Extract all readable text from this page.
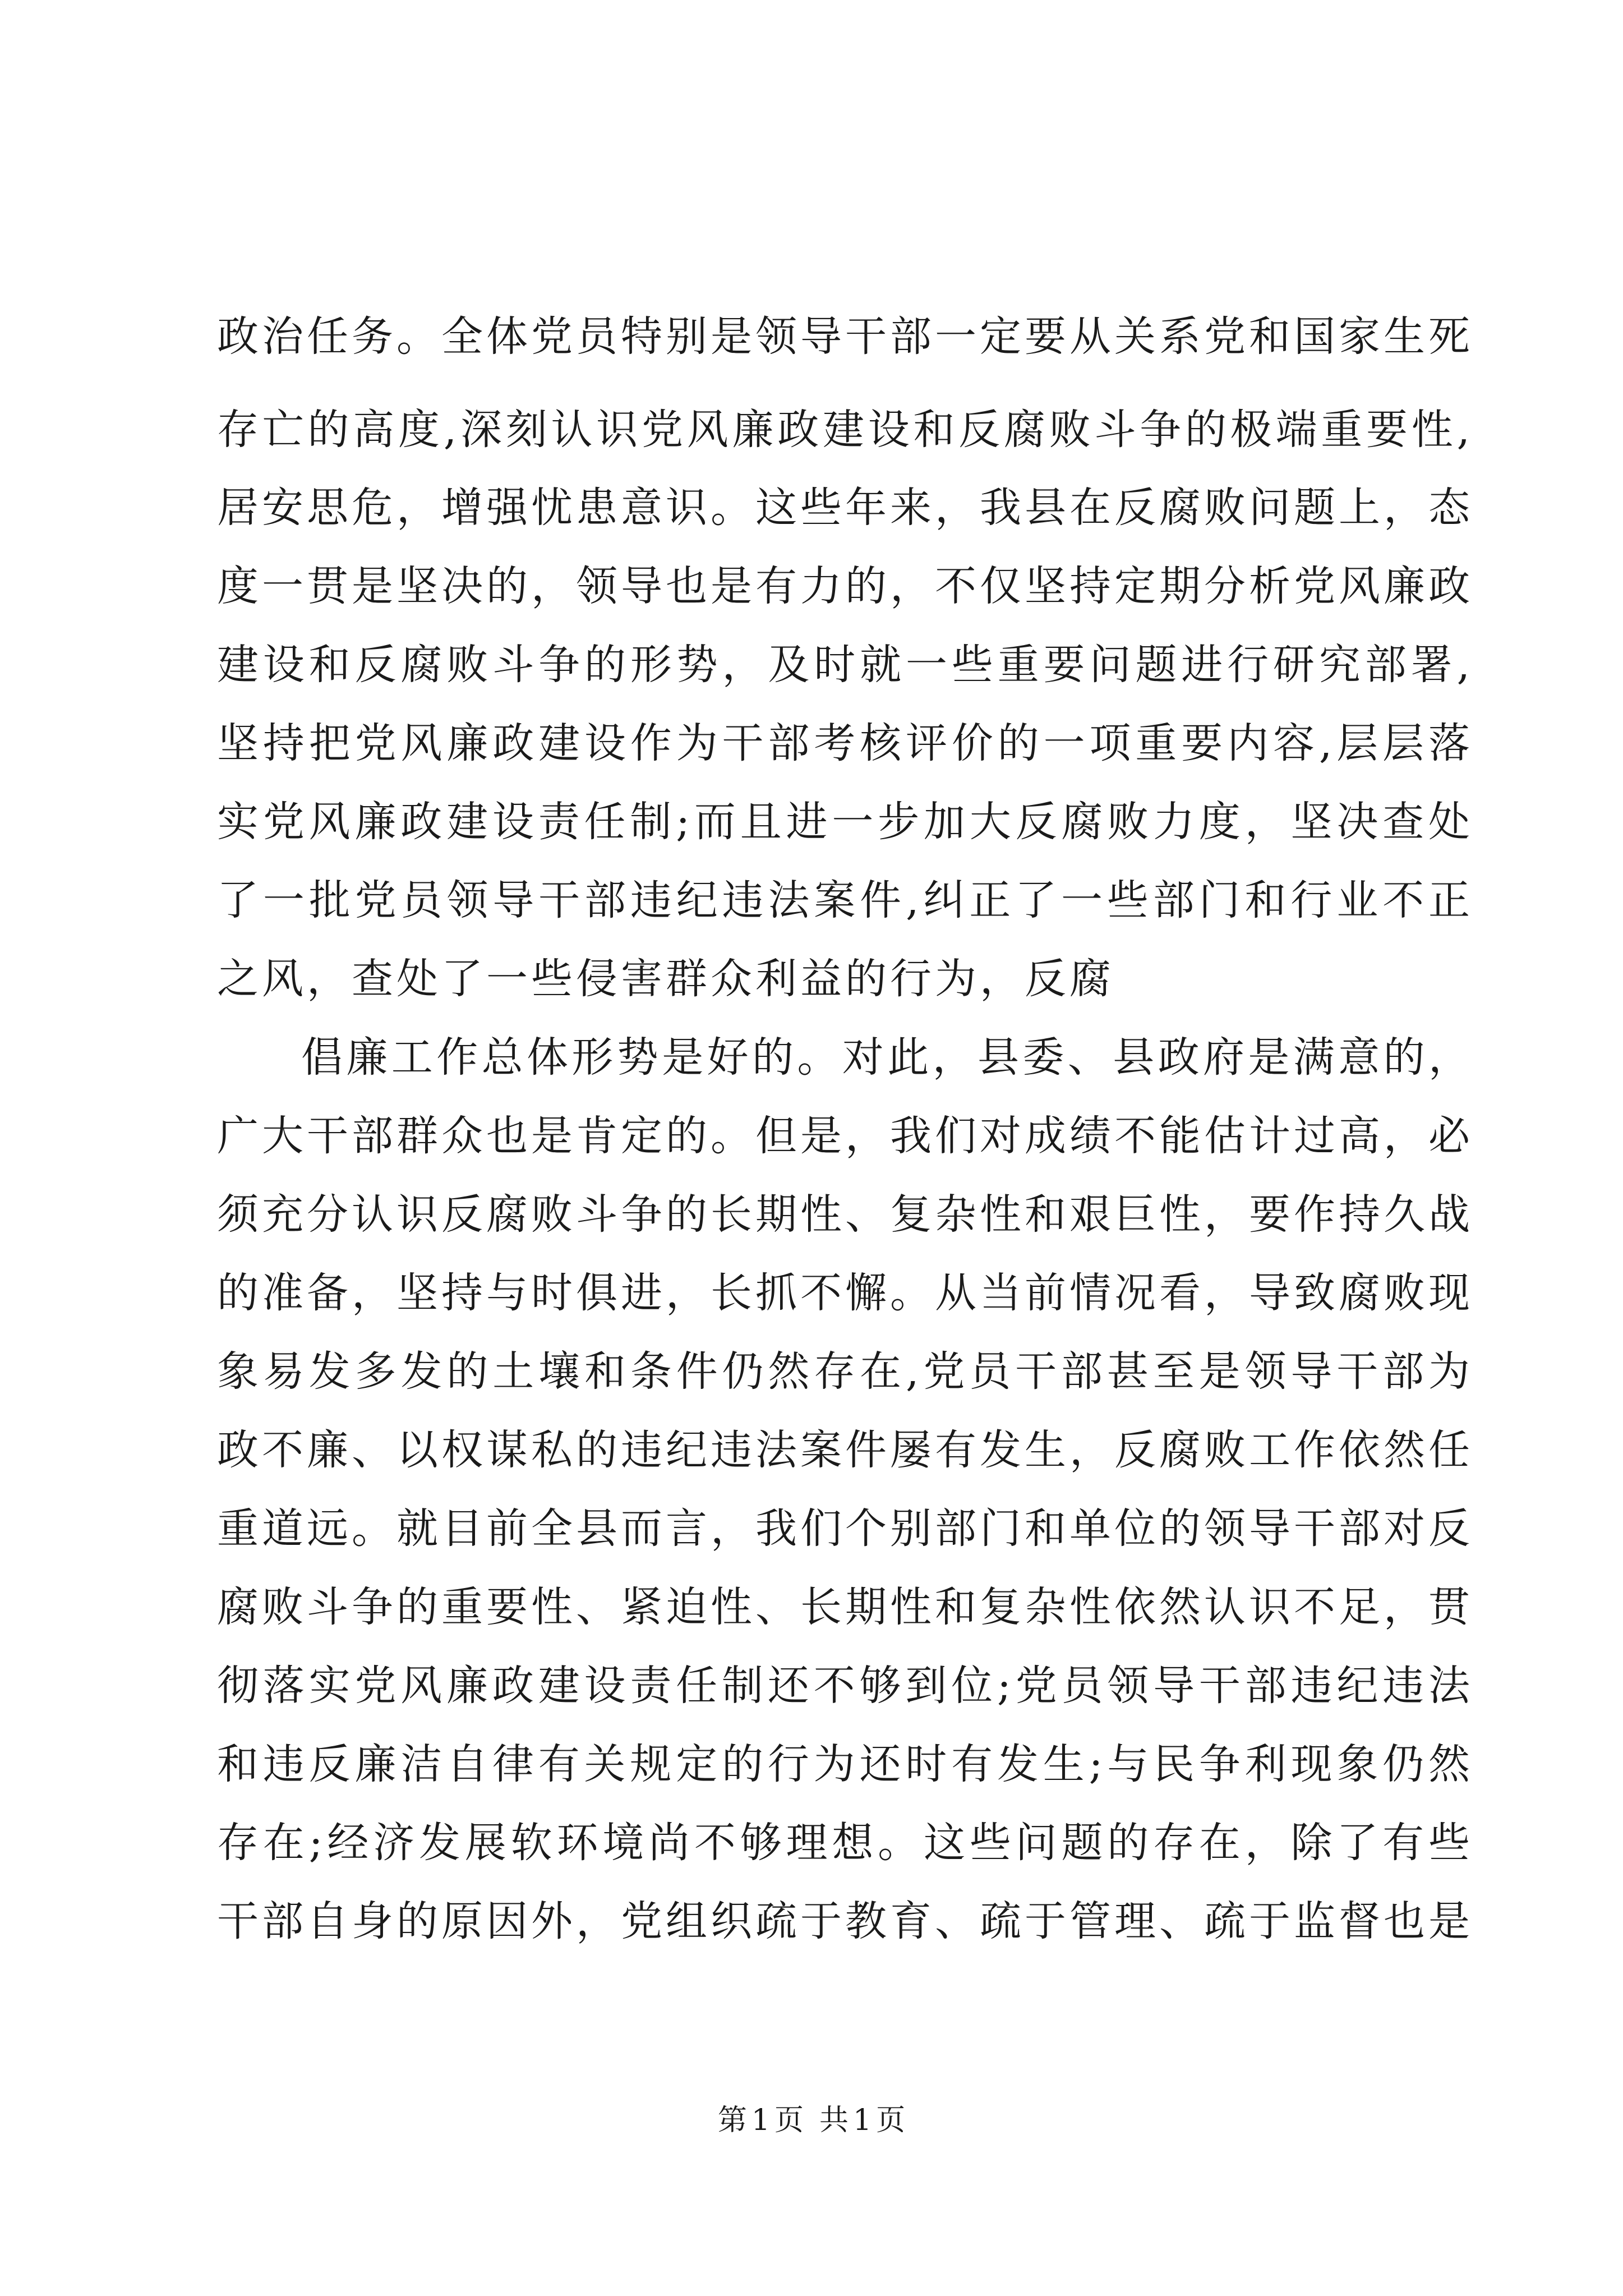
政治任务。全体党员特别是领导干部一定要从关系党和国家生死
存亡的高度,深刻认识党风廉政建设和反腐败斗争的极端重要性,
居安思危，增强忧患意识。这些年来，我县在反腐败问题上，态
度一贯是坚决的，领导也是有力的，不仅坚持定期分析党风廉政
建设和反腐败斗争的形势，及时就一些重要问题进行研究部署,
坚持把党风廉政建设作为干部考核评价的一项重要内容,层层落
实党风廉政建设责任制;而且进一步加大反腐败力度，坚决查处
了一批党员领导干部违纪违法案件,纠正了一些部门和行业不正
之风，查处了一些侵害群众利益的行为，反腐
倡廉工作总体形势是好的。对此，县委、县政府是满意的，
广大干部群众也是肯定的。但是，我们对成绩不能估计过高，必
须充分认识反腐败斗争的长期性、复杂性和艰巨性，要作持久战
的准备，坚持与时俱进，长抓不懈。从当前情况看，导致腐败现
象易发多发的土壤和条件仍然存在,党员干部甚至是领导干部为
政不廉、以权谋私的违纪违法案件屡有发生，反腐败工作依然任
重道远。就目前全县而言，我们个别部门和单位的领导干部对反
腐败斗争的重要性、紧迫性、长期性和复杂性依然认识不足，贯
彻落实党风廉政建设责任制还不够到位;党员领导干部违纪违法
和违反廉洁自律有关规定的行为还时有发生;与民争利现象仍然
存在;经济发展软环境尚不够理想。这些问题的存在，除了有些
干部自身的原因外，党组织疏于教育、疏于管理、疏于监督也是
第 1 页 共 1 页
